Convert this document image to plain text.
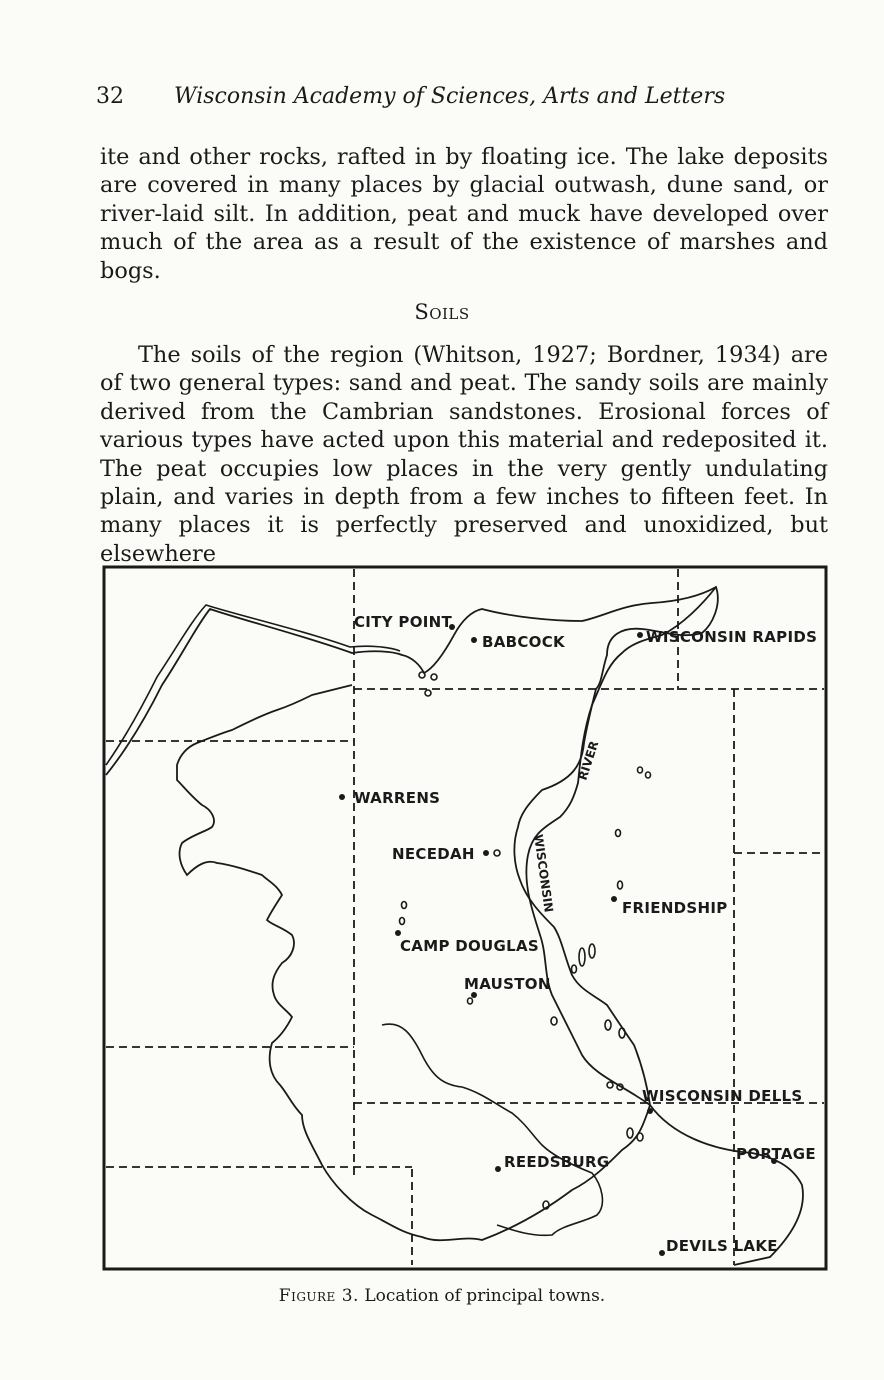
32 Wisconsin Academy of Sciences, Arts and Letters
ite and other rocks, rafted in by floating ice. The lake deposits are covered in many places by glacial outwash, dune sand, or river-laid silt. In addition, peat and muck have developed over much of the area as a result of the existence of marshes and bogs.
Soils
The soils of the region (Whitson, 1927; Bordner, 1934) are of two general types: sand and peat. The sandy soils are mainly derived from the Cambrian sandstones. Erosional forces of various types have acted upon this material and redeposited it. The peat occupies low places in the very gently undulating plain, and varies in depth from a few inches to fifteen feet. In many places it is perfectly preserved and unoxidized, but elsewhere
CITY POINT
BABCOCK	WISCONSIN RAPIDS
WARRENS
NECEDAH
FRIENDSHIP
CAMP DOUGLAS
MAUSTON
WISCONSIN DELLS
PORTAGE
REEDSBURG
DEVILS LAKE
RIVER
WISCONSIN
Figure 3. Location of principal towns.
